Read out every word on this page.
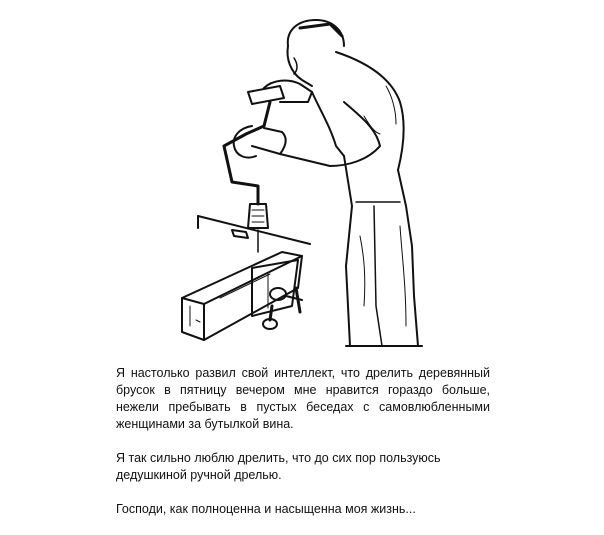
Я настолько развил свой интеллект, что дрелить деревянный брусок в пятницу вечером мне нравится гораздо больше, нежели пребывать в пустых беседах с самовлюбленными женщинами за бутылкой вина.

Я так сильно люблю дрелить, что до сих пор пользуюсь дедушкиной ручной дрелью.

Господи, как полноценна и насыщенна моя жизнь...
